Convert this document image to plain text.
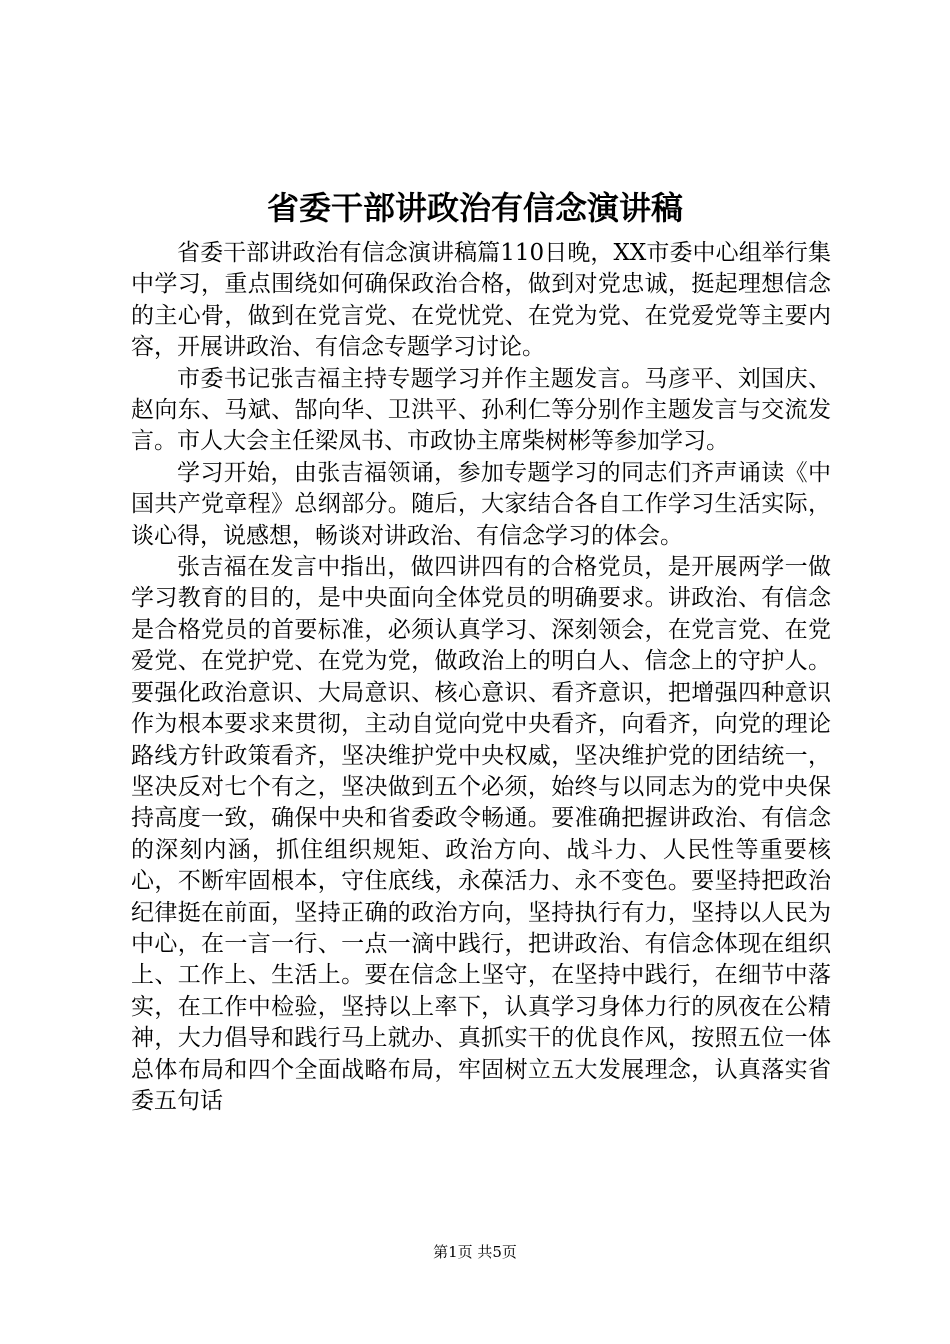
省委干部讲政治有信念演讲稿

省委干部讲政治有信念演讲稿篇110日晚，XX市委中心组举行集中学习，重点围绕如何确保政治合格，做到对党忠诚，挺起理想信念的主心骨，做到在党言党、在党忧党、在党为党、在党爱党等主要内容，开展讲政治、有信念专题学习讨论。

市委书记张吉福主持专题学习并作主题发言。马彦平、刘国庆、赵向东、马斌、郜向华、卫洪平、孙利仁等分别作主题发言与交流发言。市人大会主任梁凤书、市政协主席柴树彬等参加学习。

学习开始，由张吉福领诵，参加专题学习的同志们齐声诵读《中国共产党章程》总纲部分。随后，大家结合各自工作学习生活实际，谈心得，说感想，畅谈对讲政治、有信念学习的体会。

张吉福在发言中指出，做四讲四有的合格党员，是开展两学一做学习教育的目的，是中央面向全体党员的明确要求。讲政治、有信念是合格党员的首要标准，必须认真学习、深刻领会，在党言党、在党爱党、在党护党、在党为党，做政治上的明白人、信念上的守护人。要强化政治意识、大局意识、核心意识、看齐意识，把增强四种意识作为根本要求来贯彻，主动自觉向党中央看齐，向看齐，向党的理论路线方针政策看齐，坚决维护党中央权威，坚决维护党的团结统一，坚决反对七个有之，坚决做到五个必须，始终与以同志为的党中央保持高度一致，确保中央和省委政令畅通。要准确把握讲政治、有信念的深刻内涵，抓住组织规矩、政治方向、战斗力、人民性等重要核心，不断牢固根本，守住底线，永葆活力、永不变色。要坚持把政治纪律挺在前面，坚持正确的政治方向，坚持执行有力，坚持以人民为中心，在一言一行、一点一滴中践行，把讲政治、有信念体现在组织上、工作上、生活上。要在信念上坚守，在坚持中践行，在细节中落实，在工作中检验，坚持以上率下，认真学习身体力行的夙夜在公精神，大力倡导和践行马上就办、真抓实干的优良作风，按照五位一体总体布局和四个全面战略布局，牢固树立五大发展理念，认真落实省委五句话

第1页 共5页
